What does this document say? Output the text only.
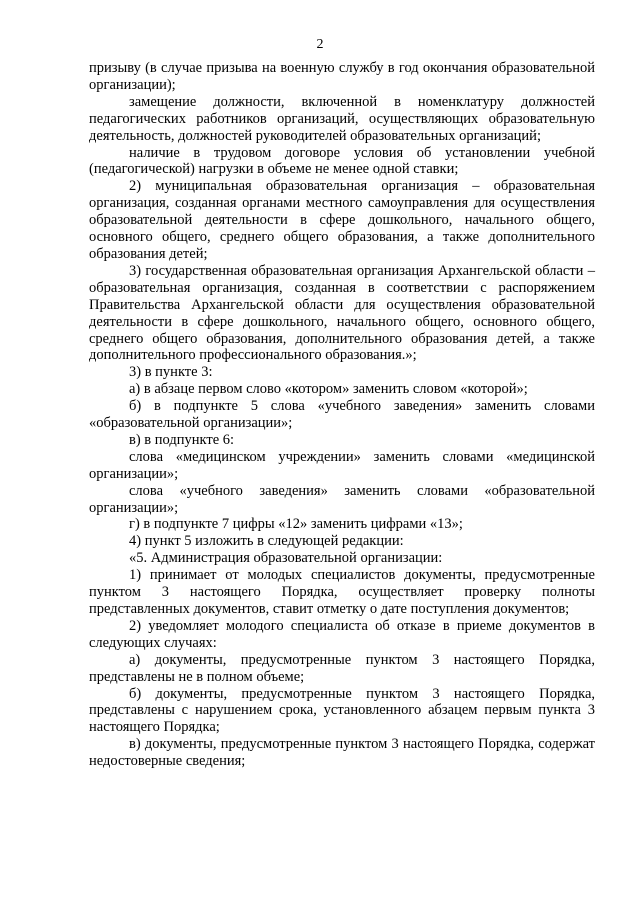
2

призыву (в случае призыва на военную службу в год окончания образовательной организации);

замещение должности, включенной в номенклатуру должностей педагогических работников организаций, осуществляющих образовательную деятельность, должностей руководителей образовательных организаций;

наличие в трудовом договоре условия об установлении учебной (педагогической) нагрузки в объеме не менее одной ставки;

2) муниципальная образовательная организация – образовательная организация, созданная органами местного самоуправления для осуществления образовательной деятельности в сфере дошкольного, начального общего, основного общего, среднего общего образования, а также дополнительного образования детей;

3) государственная образовательная организация Архангельской области – образовательная организация, созданная в соответствии с распоряжением Правительства Архангельской области для осуществления образовательной деятельности в сфере дошкольного, начального общего, основного общего, среднего общего образования, дополнительного образования детей, а также дополнительного профессионального образования.»;

3) в пункте 3:

а) в абзаце первом слово «котором» заменить словом «которой»;

б) в подпункте 5 слова «учебного заведения» заменить словами «образовательной организации»;

в) в подпункте 6:

слова «медицинском учреждении» заменить словами «медицинской организации»;

слова «учебного заведения» заменить словами «образовательной организации»;

г) в подпункте 7 цифры «12» заменить цифрами «13»;

4) пункт 5 изложить в следующей редакции:

«5. Администрация образовательной организации:

1) принимает от молодых специалистов документы, предусмотренные пунктом 3 настоящего Порядка, осуществляет проверку полноты представленных документов, ставит отметку о дате поступления документов;

2) уведомляет молодого специалиста об отказе в приеме документов в следующих случаях:

а) документы, предусмотренные пунктом 3 настоящего Порядка, представлены не в полном объеме;

б) документы, предусмотренные пунктом 3 настоящего Порядка, представлены с нарушением срока, установленного абзацем первым пункта 3 настоящего Порядка;

в) документы, предусмотренные пунктом 3 настоящего Порядка, содержат недостоверные сведения;
